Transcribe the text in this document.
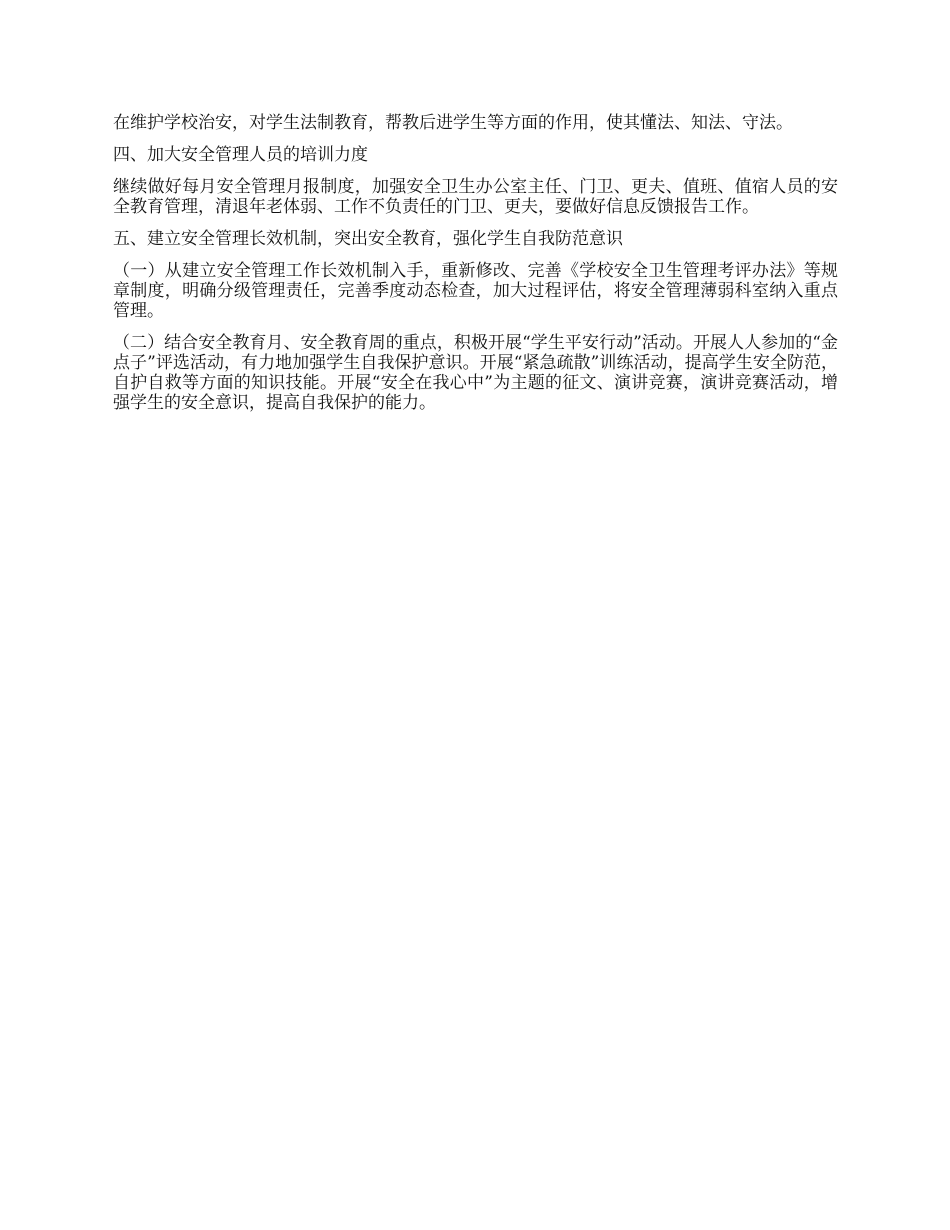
在维护学校治安，对学生法制教育，帮教后进学生等方面的作用，使其懂法、知法、守法。

四、加大安全管理人员的培训力度

继续做好每月安全管理月报制度，加强安全卫生办公室主任、门卫、更夫、值班、值宿人员的安全教育管理，清退年老体弱、工作不负责任的门卫、更夫，要做好信息反馈报告工作。

五、建立安全管理长效机制，突出安全教育，强化学生自我防范意识

（一）从建立安全管理工作长效机制入手，重新修改、完善《学校安全卫生管理考评办法》等规章制度，明确分级管理责任，完善季度动态检查，加大过程评估，将安全管理薄弱科室纳入重点管理。

（二）结合安全教育月、安全教育周的重点，积极开展“学生平安行动”活动。开展人人参加的“金点子”评选活动，有力地加强学生自我保护意识。开展“紧急疏散”训练活动，提高学生安全防范，自护自救等方面的知识技能。开展“安全在我心中”为主题的征文、演讲竞赛，演讲竞赛活动，增强学生的安全意识，提高自我保护的能力。
